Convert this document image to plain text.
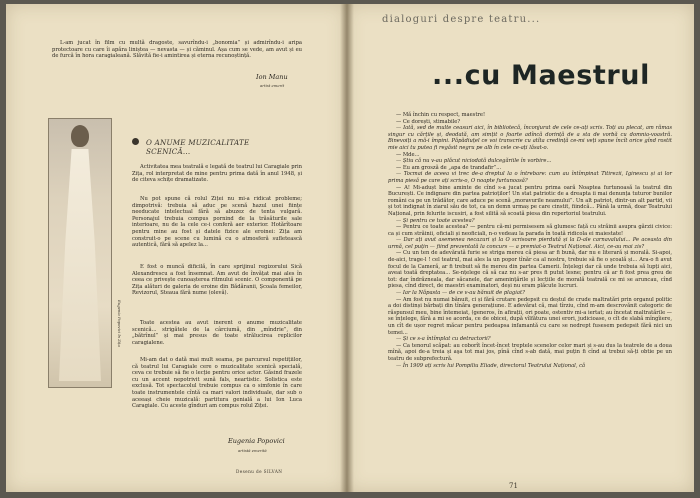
L-am jucat în film cu multă dragoste, savurîndu-i „bonomia” și admirîndu-i aripa protectoare cu care îi apăra liniștea — nevasta — și căminul. Așa cum se vede, am avut și eu de furcă în hora caragialeană. Slăvită fie-i amintirea și eterna recunoștință.

Ion Manu
artist emerit
Eugenia Popovici în Zița
O ANUME MUZICALITATE SCENICĂ...

Activitatea mea teatrală e legată de teatrul lui Caragiale prin Zița, rol interpretat de mine pentru prima dată în anul 1948, și de citeva schițe dramatizate.

Nu pot spune că rolul Ziței nu mi-a ridicat probleme; dimpotrivă: trebuia să aduc pe scenă hazul unei ființe needucate intelectual fără să abuzez de tenta vulgară. Personajul trebuia compus pornind de la trăsăturile sale interioare, nu de la cele ce-i conferă aer exterior. Hotărîtoare pentru mine au fost și datele fizice ale eroinei: Zița am construit-o pe scene cu lumină cu o atmosferă sufletească autentică, fără să apelez la...

E fost o muncă dificilă, în care sprijinul regizorului Sică Alexandrescu a fost însemnat. Am avut de învățat mai ales în ceea ce privește cunoașterea ritmului scenic. O componentă pe Zița alături de galeria de eroine din Bădăranii, Școala femeilor, Revizorul, Steaua fără nume (olevă).

Toate acestea au avut inerent o anume muzicalitate scenică... strigătele de la cârciumă, din „mîndrie”, din „bătrînul” și mai presus de toate strălucirea replicilor caragialene.

Mi-am dat o dată mai mult seama, pe parcursul repetițiilor, că teatrul lui Caragiale cere o muzicalitate scenică specială, ceva ce trebuie să fie o lecție pentru orice actor. Găsind frazele cu un accent nepotrivit sună fals, neartistic. Solistica este exclusă. Tot spectacolul trebuie compus ca o simfonie în care toate instrumentele cîntă ca mari valori individuale, dar sub o aceeași cheie muzicală: partitura genială a lui Ion Luca Caragiale. Cu aceste gînduri am compus rolul Ziței.

Eugenia Popovici
artistă emerită
Desenu de SILVAN
dialoguri despre teatru...
...cu Maestrul

— Mă închin cu respect, maestre!

— Ce dorești, stimabile?

— Iată, sed de multe ceasuri aici, în bibliotecă, înconjurat de cele ce-ați scris. Toți au plecat, am rămas singur cu cărțile și, deodată, am simțit o foarte adîncă dorință de a sta de vorbă cu domnia-voastră. Binevoiți a mă-i împini. Păpădiuțel ce voi transcrie cu atîta credință ce-mi veți spune încît orice gînd rostit mie aici tu putea fi regăsit negru pe alb în cele ce-ați lăsat-o.

— Mde...

— Știu că nu v-au plăcut niciodată dulcegăriile în vorbire...

— Eu am grosză de „apa de trandafir”...

— Tocmai de aceea vi trec de-a dreptul la o întrebare: cum au întîmpinat Titirezii, Iginescu și ai lor prima piesă pe care ați scris-o, O noapte furtunoasă?

— A! Mi-adușt bine aminte de cînd s-a jucat pentru prima oară Noaptea furtunoasă la teatrul din București. Ce indignare din partea patrioților! Un stat patriotic de a dreapta ii mai denunța tuturor bunilor români ca pe un trădător, care aduce pe scenă „moravurile neamului”. Un alt patriot, dintr-un alt partid, vii și tot indignat în ziarul său de tot, ca un demn urmaș pe care cinstit, fiindcă... Până la urmă, doar Teatrului Național, prin felurite iscusiri, a fost silită să scoată piesa din repertoriul teatrului.

— Și pentru ce toate acestea?

— Pentru ce toate acestea? — pentru că-mi permisesem să glumesc față cu străinii asupra gărzii civice: ca și cum străinii, oficiali și neoficiali, n-o vedeau la parada în toată ridicola ei maiestate!

— Dar ați avut asemenea necazuri și la O scrisoare pierdută și la D-ale carnavalului... Pe aceasta din urmă, cel puțin — fiind prezentată la concurs — a premiat-o Teatrul Național. Aici, ce-au mai zis?

— Cu un ten de adevărată furie se striga mereu că piesa ar fi bună, dar nu e literară și morală. Si-apoi, de-aici, trage-l ! cel teatrul, mai ales la un popor tînăr ca al nostru, trebuie să fie o școală și... Ara-o fi avut focul de la Cameră, ar fi trebuit să fie mereu din partea Camerii. Înțelegi dar că unde trebuia să lupți aici, aveai toată dreptatea... Se-nțelege că să caz nu s-ar pres fi putut lesne; pentru că ar fi fost prea greu de tot: dar îndrăzneala, dar săcanele, dar amenințările și lecțiile de morală teatrală ce mi se aruncau, cînd piesa, cînd direct, de maestri examinatori, deși nu eram plăcute lucruri.

— Iar la Năpasta — de ce v-au bănuit de plagiat?

— Am fost nu numai bănuit, ci și fără crutare pedepsit cu deștul de crude maltratări prin organul politic a doi distinși bărbați din tînăra generațiune. E adevărat că, mai tîrziu, cînd m-am descrovănit categoric de răspunsul meu, bine întemeiat, (generos, în afirații, ori poate, ostentiv mi-a iertat; au încetat maltratările — se înțelege, fără a mi se acorda, ce de obicei, după vîlfătura unei erori, judicioase, o cît de slabă mîngîiere, un cît de ușor regret măcar pentru pedeapsa infamantă cu care se nedrept fusesem pedepsit fără nici un temei...

— Și ce s-a întîmplat cu detractorii?

— Ca tenorul scăpat: au coborît încet-încet treptele scenelor celor mari și s-au dus la teatrele de a doua mînă, apoi de-a treia și aşa tot mai jos, pînă cînd s-ab dată, mai puțin fi cînd ai trebui să-ți obtie pe un teatru de subprefectură.

— În 1909 ați scris lui Pompiliu Eliade, directorul Teatrului Național, că

71
